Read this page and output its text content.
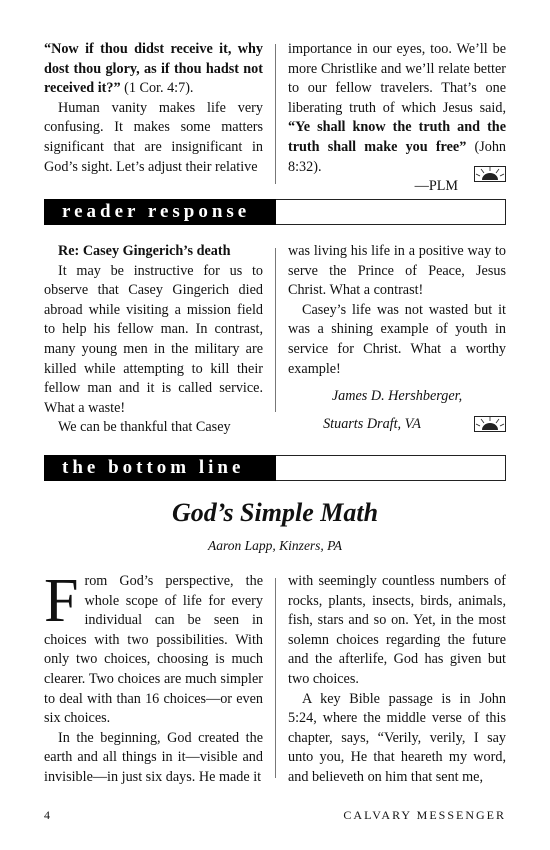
“Now if thou didst receive it, why dost thou glory, as if thou hadst not received it?” (1 Cor. 4:7).

Human vanity makes life very confusing. It makes some matters significant that are insignificant in God’s sight. Let’s adjust their relative

importance in our eyes, too. We’ll be more Christlike and we’ll relate better to our fellow travelers. That’s one liberating truth of which Jesus said, “Ye shall know the truth and the truth shall make you free” (John 8:32).

—PLM

reader response

Re: Casey Gingerich’s death

It may be instructive for us to observe that Casey Gingerich died abroad while visiting a mission field to help his fellow man. In contrast, many young men in the military are killed while attempting to kill their fellow man and it is called service. What a waste!

We can be thankful that Casey

was living his life in a positive way to serve the Prince of Peace, Jesus Christ. What a contrast!

Casey’s life was not wasted but it was a shining example of youth in service for Christ. What a worthy example!

James D. Hershberger,

Stuarts Draft, VA

the bottom line
God’s Simple Math
Aaron Lapp, Kinzers, PA

From God’s perspective, the whole scope of life for every individual can be seen in choices with two possibilities. With only two choices, choosing is much clearer. Two choices are much simpler to deal with than 16 choices—or even six choices.

In the beginning, God created the earth and all things in it—visible and invisible—in just six days. He made it

with seemingly countless numbers of rocks, plants, insects, birds, animals, fish, stars and so on. Yet, in the most solemn choices regarding the future and the afterlife, God has given but two choices.

A key Bible passage is in John 5:24, where the middle verse of this chapter, says, “Verily, verily, I say unto you, He that heareth my word, and believeth on him that sent me,

4	CALVARY MESSENGER
